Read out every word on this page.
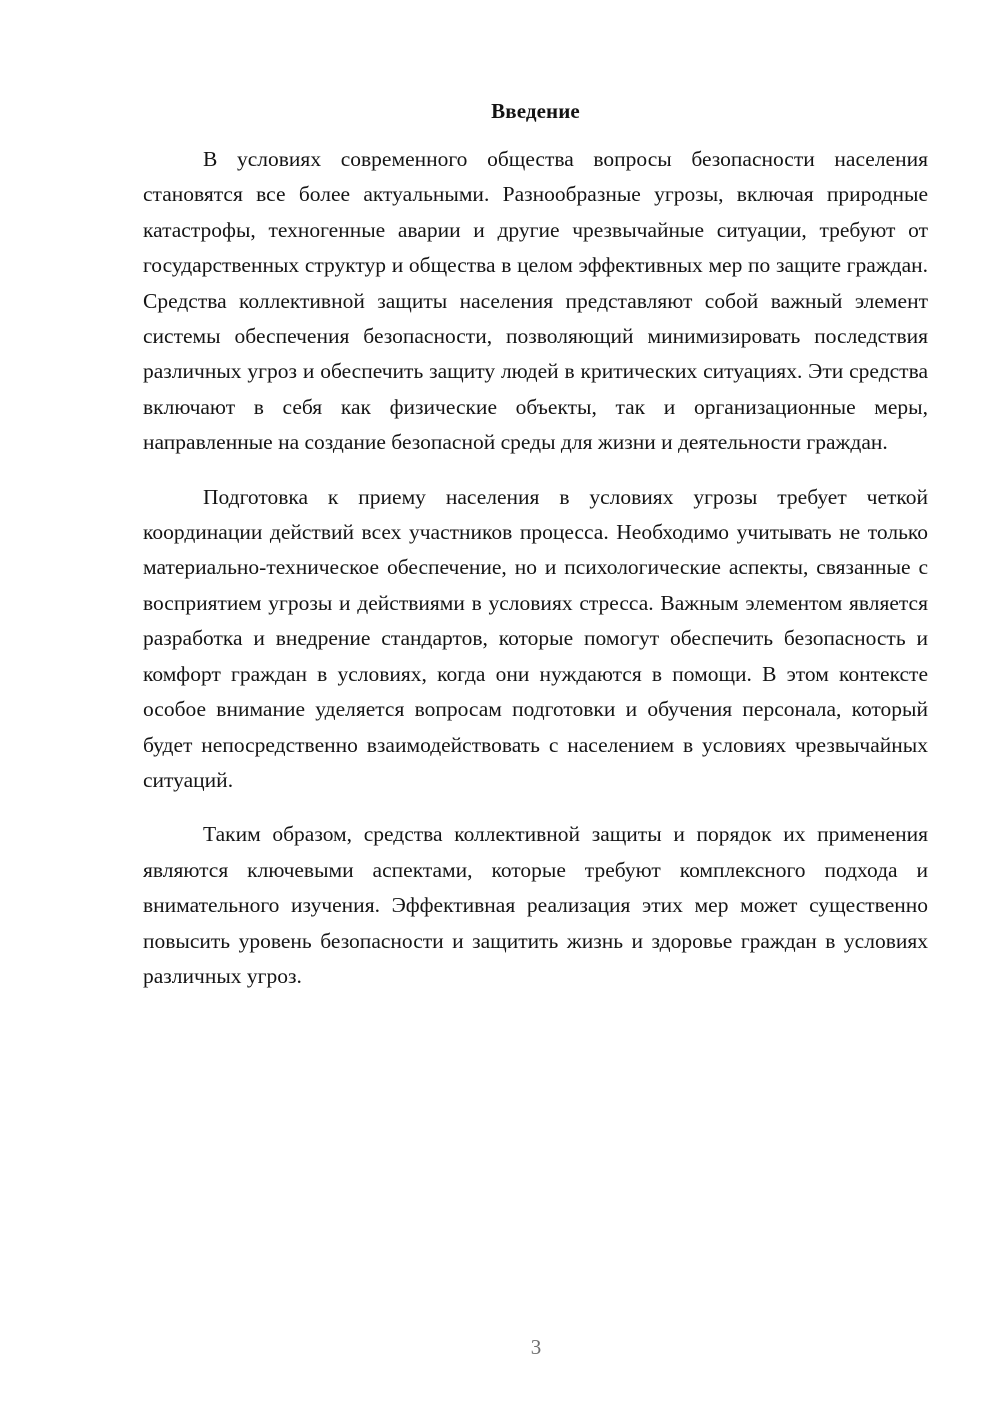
Введение

В условиях современного общества вопросы безопасности населения становятся все более актуальными. Разнообразные угрозы, включая природные катастрофы, техногенные аварии и другие чрезвычайные ситуации, требуют от государственных структур и общества в целом эффективных мер по защите граждан. Средства коллективной защиты населения представляют собой важный элемент системы обеспечения безопасности, позволяющий минимизировать последствия различных угроз и обеспечить защиту людей в критических ситуациях. Эти средства включают в себя как физические объекты, так и организационные меры, направленные на создание безопасной среды для жизни и деятельности граждан.

Подготовка к приему населения в условиях угрозы требует четкой координации действий всех участников процесса. Необходимо учитывать не только материально-техническое обеспечение, но и психологические аспекты, связанные с восприятием угрозы и действиями в условиях стресса. Важным элементом является разработка и внедрение стандартов, которые помогут обеспечить безопасность и комфорт граждан в условиях, когда они нуждаются в помощи. В этом контексте особое внимание уделяется вопросам подготовки и обучения персонала, который будет непосредственно взаимодействовать с населением в условиях чрезвычайных ситуаций.

Таким образом, средства коллективной защиты и порядок их применения являются ключевыми аспектами, которые требуют комплексного подхода и внимательного изучения. Эффективная реализация этих мер может существенно повысить уровень безопасности и защитить жизнь и здоровье граждан в условиях различных угроз.

3
